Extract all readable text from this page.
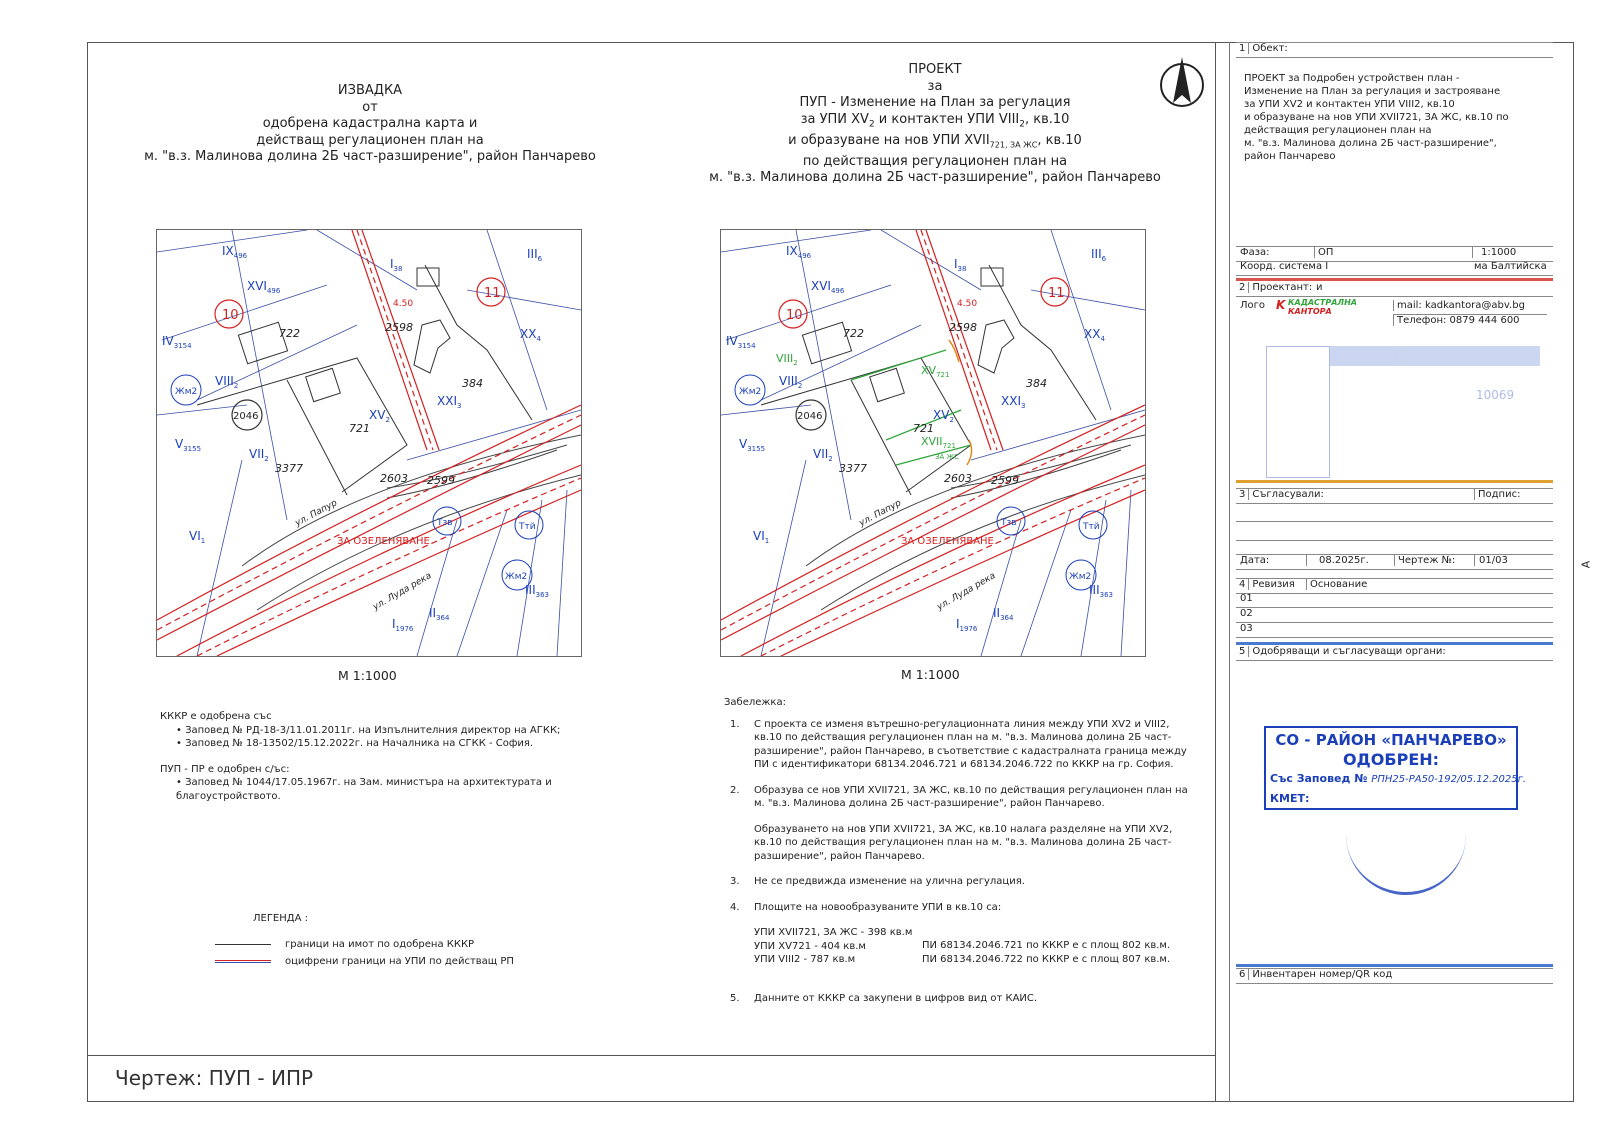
Чертеж: ПУП - ИПР
ИЗВАДКА
от
одобрена кадастрална карта и
действащ регулационен план на
м. "в.з. Малинова долина 2Б част-разширение", район Панчарево
ПРОЕКТ
за
ПУП - Изменение на План за регулация
за УПИ $XV_2$ и контактен УПИ $VIII_2$, кв.10
и образуване на нов УПИ $XVII_{721, ЗА ЖС}$, кв.10
по действащия регулационен план на
м. "в.з. Малинова долина 2Б част-разширение", район Панчарево
$IX_{496}$
$XVI_{496}$
$IV_{3154}$
$VIII_2$
$V_{3155}$	$VII_2$
$VI_1$
$I_{38}$
$III_6$
$XX_4$
$XXI_3$
$XV_2$
$III_{363}$
$II_{364}$
$I_{1976}$
Жм2
Тзв	Ттй
Жм2
722	2598
384
721
3377
2603 2599
2046
10
11
ЗА ОЗЕЛЕНЯВАНЕ
4.50
ул. Папур
ул. Луда река
$IX_{496}$
$XVI_{496}$
$IV_{3154}$
$VIII_2$
$V_{3155}$	$VII_2$
$VI_1$
$I_{38}$
$III_6$
$XX_4$
$XXI_3$
$XV_2$
$III_{363}$
$II_{364}$
$I_{1976}$
Жм2
Тзв	Ттй
Жм2
$VIII_2$
$XV_{721}$
$XVII_{721}$
ЗА ЖС
722	2598
384
721
3377
2603 2599
2046
10
11
ЗА ОЗЕЛЕНЯВАНЕ
4.50
ул. Папур
ул. Луда река
М 1:1000	М 1:1000

КККР е одобрена със

• Заповед № РД-18-3/11.01.2011г. на Изпълнителния директор на АГКК;

• Заповед № 18-13502/15.12.2022г. на Началника на СГКК - София.

ПУП - ПР е одобрен с/ъс:

• Заповед № 1044/17.05.1967г. на Зам. министъра на архитектурата и благоустройството.

ЛЕГЕНДА :
граници на имот по одобрена КККР
оцифрени граници на УПИ по действащ РП

Забележка:

1. С проекта се изменя вътрешно-регулационната линия между УПИ XV2 и VIII2, кв.10 по действащия регулационен план на м. "в.з. Малинова долина 2Б част-разширение", район Панчарево, в съответствие с кадастралната граница между ПИ с идентификатори 68134.2046.721 и 68134.2046.722 по КККР на гр. София.
2. Образува се нов УПИ XVII721, ЗА ЖС, кв.10 по действащия регулационен план на м. "в.з. Малинова долина 2Б част-разширение", район Панчарево.
Образуването на нов УПИ XVII721, ЗА ЖС, кв.10 налага разделяне на УПИ XV2, кв.10 по действащия регулационен план на м. "в.з. Малинова долина 2Б част-разширение", район Панчарево.
3. Не се предвижда изменение на улична регулация.
4. Площите на новообразуваните УПИ в кв.10 са:
УПИ XVII721, ЗА ЖС - 398 кв.м
УПИ XV721 - 404 кв.м
УПИ VIII2 - 787 кв.м
ПИ 68134.2046.721 по КККР е с площ 802 кв.м.
ПИ 68134.2046.722 по КККР е с площ 807 кв.м.
5. Данните от КККР са закупени в цифров вид от КАИС.
1 Обект:
ПРОЕКТ за Подробен устройствен план -
Изменение на План за регулация и застрояване
за УПИ XV2 и контактен УПИ VIII2, кв.10
и образуване на нов УПИ XVII721, ЗА ЖС, кв.10 по
действащия регулационен план на
м. "в.з. Малинова долина 2Б част-разширение",
район Панчарево
Фаза:	ОП	1:1000
Коорд. система I	ма Балтийска
2 Проектант: и
Лого K КАДАСТРАЛНА
КАНТОРА
mail: kadkantora@abv.bg
Телефон: 0879 444 600
10069
3 Съгласували:	Подпис:
Дата:	08.2025г.	Чертеж №:	01/03
4 Ревизия	Основание
01
02
03
5 Одобряващи и съгласуващи органи:
СО - РАЙОН «ПАНЧАРЕВО»
ОДОБРЕН:
Със Заповед № РПН25-РА50-192/05.12.2025г.
КМЕТ:
6 Инвентарен номер/QR код
А
